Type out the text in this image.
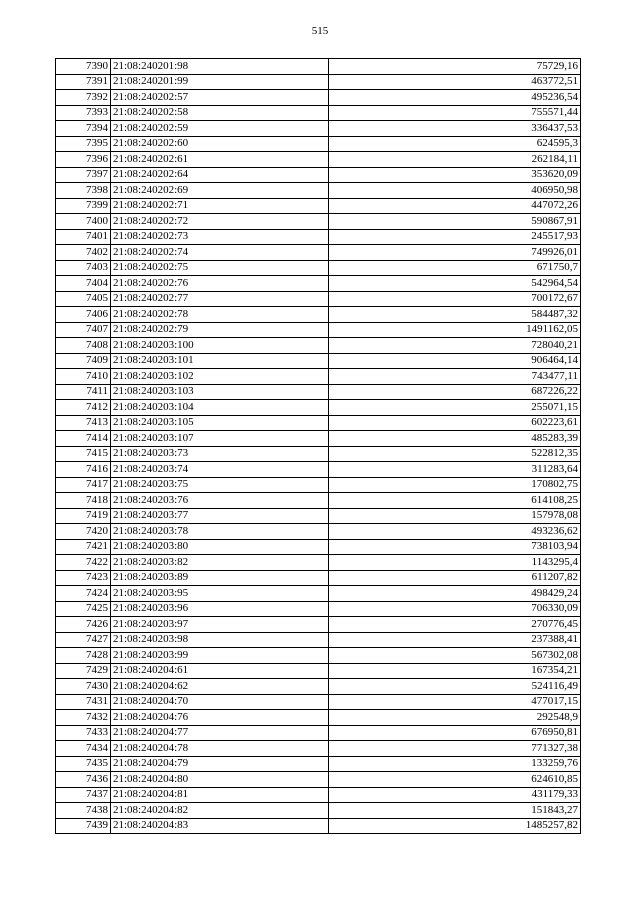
515
7390	21:08:240201:98	75729,16
7391	21:08:240201:99	463772,51
7392	21:08:240202:57	495236,54
7393	21:08:240202:58	755571,44
7394	21:08:240202:59	336437,53
7395	21:08:240202:60	624595,3
7396	21:08:240202:61	262184,11
7397	21:08:240202:64	353620,09
7398	21:08:240202:69	406950,98
7399	21:08:240202:71	447072,26
7400	21:08:240202:72	590867,91
7401	21:08:240202:73	245517,93
7402	21:08:240202:74	749926,01
7403	21:08:240202:75	671750,7
7404	21:08:240202:76	542964,54
7405	21:08:240202:77	700172,67
7406	21:08:240202:78	584487,32
7407	21:08:240202:79	1491162,05
7408	21:08:240203:100	728040,21
7409	21:08:240203:101	906464,14
7410	21:08:240203:102	743477,11
7411	21:08:240203:103	687226,22
7412	21:08:240203:104	255071,15
7413	21:08:240203:105	602223,61
7414	21:08:240203:107	485283,39
7415	21:08:240203:73	522812,35
7416	21:08:240203:74	311283,64
7417	21:08:240203:75	170802,75
7418	21:08:240203:76	614108,25
7419	21:08:240203:77	157978,08
7420	21:08:240203:78	493236,62
7421	21:08:240203:80	738103,94
7422	21:08:240203:82	1143295,4
7423	21:08:240203:89	611207,82
7424	21:08:240203:95	498429,24
7425	21:08:240203:96	706330,09
7426	21:08:240203:97	270776,45
7427	21:08:240203:98	237388,41
7428	21:08:240203:99	567302,08
7429	21:08:240204:61	167354,21
7430	21:08:240204:62	524116,49
7431	21:08:240204:70	477017,15
7432	21:08:240204:76	292548,9
7433	21:08:240204:77	676950,81
7434	21:08:240204:78	771327,38
7435	21:08:240204:79	133259,76
7436	21:08:240204:80	624610,85
7437	21:08:240204:81	431179,33
7438	21:08:240204:82	151843,27
7439	21:08:240204:83	1485257,82
